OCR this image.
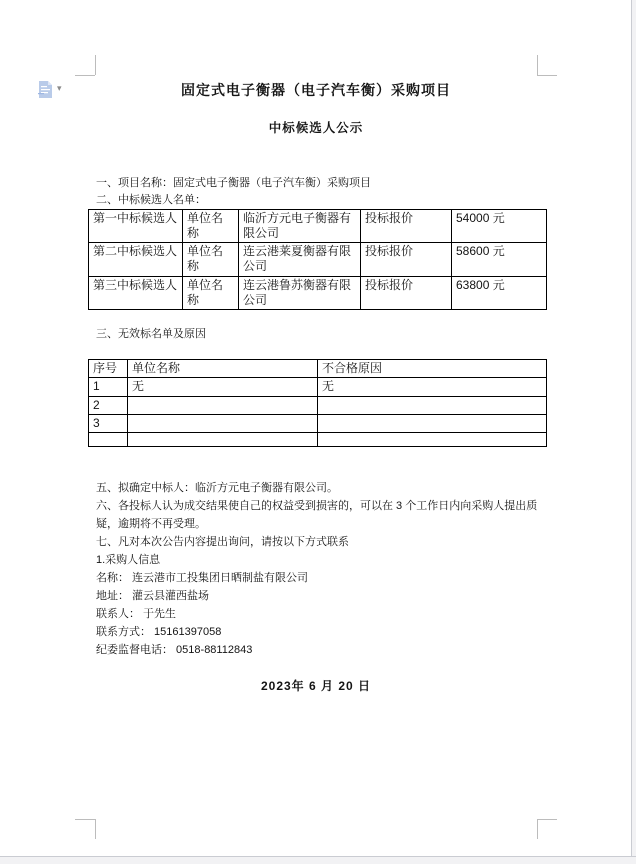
▾	固定式电子衡器（电子汽车衡）采购项目
中标候选人公示
一、项目名称：固定式电子衡器（电子汽车衡）采购项目
二、中标候选人名单：
第一中标候选人	单位名称	临沂方元电子衡器有限公司	投标报价	54000 元
第二中标候选人	单位名称	连云港莱夏衡器有限公司	投标报价	58600 元
第三中标候选人	单位名称	连云港鲁苏衡器有限公司	投标报价	63800 元
三、无效标名单及原因
序号	单位名称	不合格原因
1	无	无
2		
3		

五、拟确定中标人：临沂方元电子衡器有限公司。
六、各投标人认为成交结果使自己的权益受到损害的，可以在 3 个工作日内向采购人提出质疑，逾期将不再受理。
七、凡对本次公告内容提出询问，请按以下方式联系
1.采购人信息
名称： 连云港市工投集团日晒制盐有限公司
地址： 灌云县灌西盐场
联系人： 于先生
联系方式： 15161397058
纪委监督电话： 0518-88112843
2023年 6 月 20 日
